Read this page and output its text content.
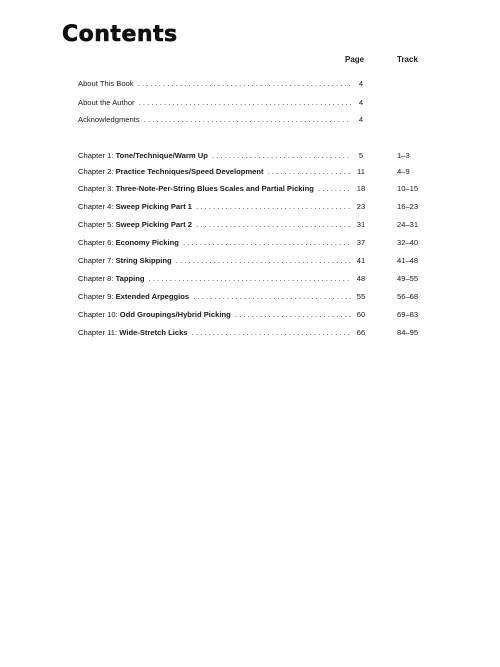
Contents
Page	Track
About This Book . . .	4
About the Author . . .	4
Acknowledgments . . .	4
Chapter 1: Tone/Technique/Warm Up . . .	5	1–3
Chapter 2: Practice Techniques/Speed Development . . .	11	4–9
Chapter 3: Three-Note-Per-String Blues Scales and Partial Picking . . .	18	10–15
Chapter 4: Sweep Picking Part 1 . . .	23	16–23
Chapter 5: Sweep Picking Part 2 . . .	31	24–31
Chapter 6: Economy Picking . . .	37	32–40
Chapter 7: String Skipping . . .	41	41–48
Chapter 8: Tapping . . .	48	49–55
Chapter 9: Extended Arpeggios . . .	55	56–68
Chapter 10: Odd Groupings/Hybrid Picking . . .	60	69–83
Chapter 11: Wide-Stretch Licks . . .	66	84–95
